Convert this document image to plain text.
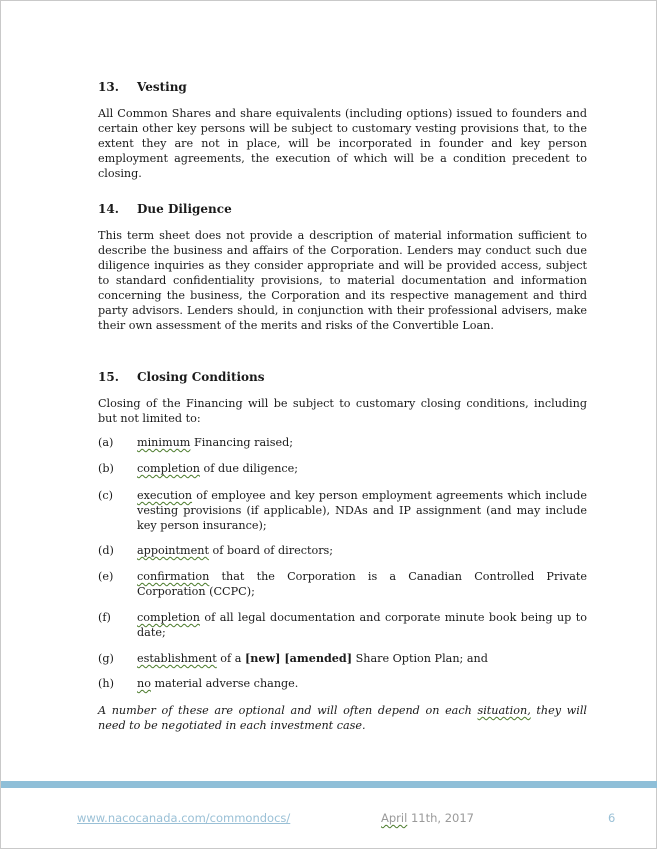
13. Vesting

All Common Shares and share equivalents (including options) issued to founders and certain other key persons will be subject to customary vesting provisions that, to the extent they are not in place, will be incorporated in founder and key person employment agreements, the execution of which will be a condition precedent to closing.

14. Due Diligence

This term sheet does not provide a description of material information sufficient to describe the business and affairs of the Corporation. Lenders may conduct such due diligence inquiries as they consider appropriate and will be provided access, subject to standard confidentiality provisions, to material documentation and information concerning the business, the Corporation and its respective management and third party advisors. Lenders should, in conjunction with their professional advisers, make their own assessment of the merits and risks of the Convertible Loan.

15. Closing Conditions

Closing of the Financing will be subject to customary closing conditions, including but not limited to:

(a) minimum Financing raised;
(b) completion of due diligence;
(c) execution of employee and key person employment agreements which include vesting provisions (if applicable), NDAs and IP assignment (and may include key person insurance);
(d) appointment of board of directors;
(e) confirmation that the Corporation is a Canadian Controlled Private Corporation (CCPC);
(f) completion of all legal documentation and corporate minute book being up to date;
(g) establishment of a [new] [amended] Share Option Plan; and
(h) no material adverse change.

A number of these are optional and will often depend on each situation, they will need to be negotiated in each investment case.

www.nacocanada.com/commondocs/	April 11th, 2017	6
